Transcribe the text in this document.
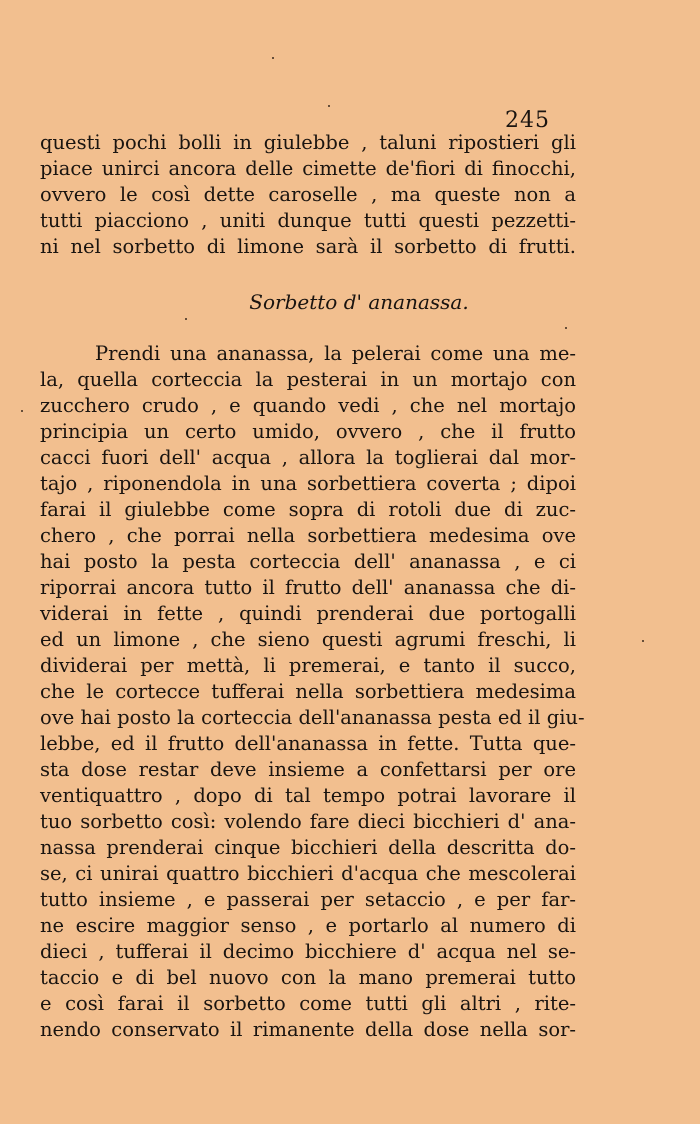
245
questi pochi bolli in giulebbe , taluni ripostieri gli
piace unirci ancora delle cimette de'fiori di finocchi,
ovvero le così dette caroselle , ma queste non a
tutti piacciono , uniti dunque tutti questi pezzetti-
ni nel sorbetto di limone sarà il sorbetto di frutti.
Sorbetto d' ananassa.
Prendi una ananassa, la pelerai come una me-
la, quella corteccia la pesterai in un mortajo con
zucchero crudo , e quando vedi , che nel mortajo
principia un certo umido, ovvero , che il frutto
cacci fuori dell' acqua , allora la toglierai dal mor-
tajo , riponendola in una sorbettiera coverta ; dipoi
farai il giulebbe come sopra di rotoli due di zuc-
chero , che porrai nella sorbettiera medesima ove
hai posto la pesta corteccia dell' ananassa , e ci
riporrai ancora tutto il frutto dell' ananassa che di-
viderai in fette , quindi prenderai due portogalli
ed un limone , che sieno questi agrumi freschi, li
dividerai per mettà, li premerai, e tanto il succo,
che le cortecce tufferai nella sorbettiera medesima
ove hai posto la corteccia dell'ananassa pesta ed il giu-
lebbe, ed il frutto dell'ananassa in fette. Tutta que-
sta dose restar deve insieme a confettarsi per ore
ventiquattro , dopo di tal tempo potrai lavorare il
tuo sorbetto così: volendo fare dieci bicchieri d' ana-
nassa prenderai cinque bicchieri della descritta do-
se, ci unirai quattro bicchieri d'acqua che mescolerai
tutto insieme , e passerai per setaccio , e per far-
ne escire maggior senso , e portarlo al numero di
dieci , tufferai il decimo bicchiere d' acqua nel se-
taccio e di bel nuovo con la mano premerai tutto
e così farai il sorbetto come tutti gli altri , rite-
nendo conservato il rimanente della dose nella sor-
